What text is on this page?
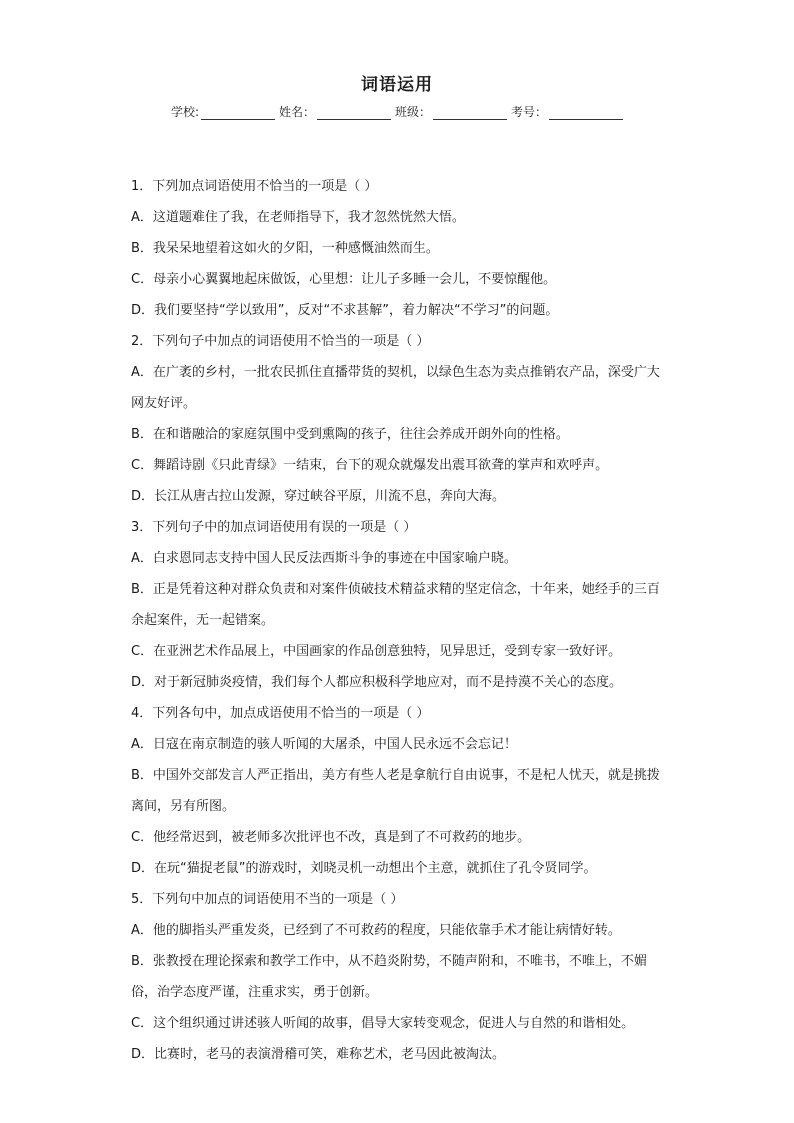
词语运用
学校:	姓名：	班级：	考号：

1．下列加点词语使用不恰当的一项是（ ）

A．这道题难住了我，在老师指导下，我才忽然恍然大悟。

B．我呆呆地望着这如火的夕阳，一种感慨油然而生。

C．母亲小心翼翼地起床做饭，心里想：让儿子多睡一会儿，不要惊醒他。

D．我们要坚持“学以致用”，反对“不求甚解”，着力解决“不学习”的问题。

2．下列句子中加点的词语使用不恰当的一项是（ ）

A．在广袤的乡村，一批农民抓住直播带货的契机，以绿色生态为卖点推销农产品，深受广大网友好评。

B．在和谐融洽的家庭氛围中受到熏陶的孩子，往往会养成开朗外向的性格。

C．舞蹈诗剧《只此青绿》一结束，台下的观众就爆发出震耳欲聋的掌声和欢呼声。

D．长江从唐古拉山发源，穿过峡谷平原，川流不息，奔向大海。

3．下列句子中的加点词语使用有误的一项是（ ）

A．白求恩同志支持中国人民反法西斯斗争的事迹在中国家喻户晓。

B．正是凭着这种对群众负责和对案件侦破技术精益求精的坚定信念，十年来，她经手的三百余起案件，无一起错案。

C．在亚洲艺术作品展上，中国画家的作品创意独特，见异思迁，受到专家一致好评。

D．对于新冠肺炎疫情，我们每个人都应积极科学地应对，而不是持漠不关心的态度。

4．下列各句中，加点成语使用不恰当的一项是（ ）

A．日寇在南京制造的骇人听闻的大屠杀，中国人民永远不会忘记！

B．中国外交部发言人严正指出，美方有些人老是拿航行自由说事，不是杞人忧天，就是挑拨离间，另有所图。

C．他经常迟到，被老师多次批评也不改，真是到了不可救药的地步。

D．在玩“猫捉老鼠”的游戏时，刘晓灵机一动想出个主意，就抓住了孔令贤同学。

5．下列句中加点的词语使用不当的一项是（ ）

A．他的脚指头严重发炎，已经到了不可救药的程度，只能依靠手术才能让病情好转。

B．张教授在理论探索和教学工作中，从不趋炎附势，不随声附和，不唯书，不唯上，不媚俗，治学态度严谨，注重求实，勇于创新。

C．这个组织通过讲述骇人听闻的故事，倡导大家转变观念，促进人与自然的和谐相处。

D．比赛时，老马的表演滑稽可笑，难称艺术，老马因此被淘汰。
